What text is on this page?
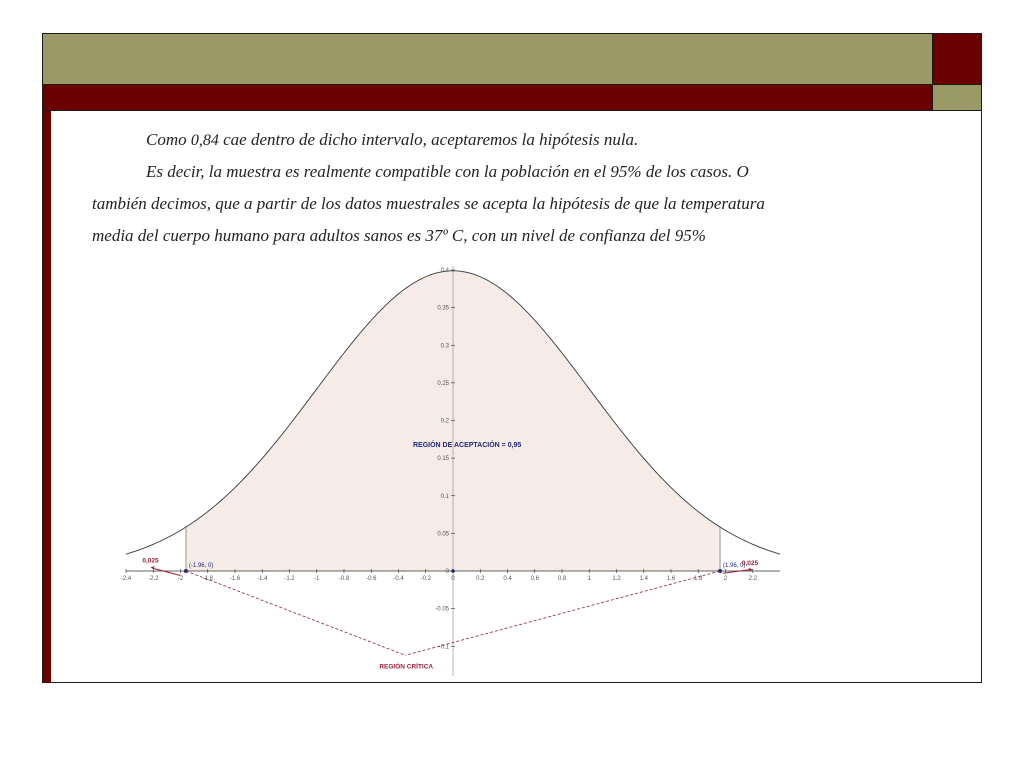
Como 0,84 cae dentro de dicho intervalo, aceptaremos la hipótesis nula.
Es decir, la muestra es realmente compatible con la población en el 95% de los casos. O
también decimos, que a partir de los datos muestrales se acepta la hipótesis de que la temperatura
media del cuerpo humano para adultos sanos es 37º C, con un nivel de confianza del 95%
-2.4	-2.2	-2	-1.8	-1.6	-1.4	-1.2	-1	-0.8	-0.6	-0.4	-0.2	0	0.2	0.4	0.6	0.8	1	1.2	1.4	1.6	1.8	2	2.2
0.4
0.35
0.3
0.25
0.2
0.15
0.1
0.05
0
-0.05
-0.1
(-1.96, 0)	(1.96, 0)
REGIÓN DE ACEPTACIÓN = 0,95
REGIÓN CRÍTICA
0,025	0,025
